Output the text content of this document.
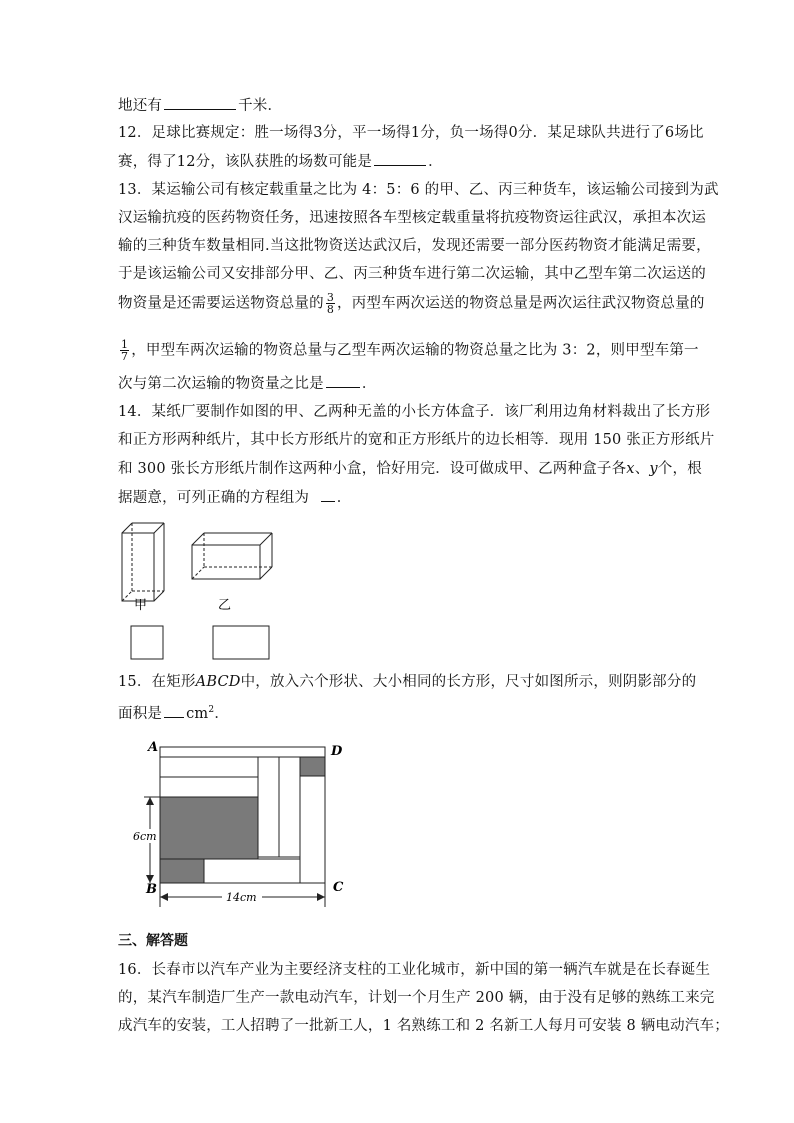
地还有	千米．
12．足球比赛规定：胜一场得3分，平一场得1分，负一场得0分．某足球队共进行了6场比
赛，得了12分，该队获胜的场数可能是	．
13．某运输公司有核定载重量之比为 4：5：6 的甲、乙、丙三种货车，该运输公司接到为武
汉运输抗疫的医药物资任务，迅速按照各车型核定载重量将抗疫物资运往武汉，承担本次运
输的三种货车数量相同.当这批物资送达武汉后，发现还需要一部分医药物资才能满足需要，
于是该运输公司又安排部分甲、乙、丙三种货车进行第二次运输，其中乙型车第二次运送的
物资量是还需要运送物资总量的 $\frac{3}{8}$ ，丙型车两次运送的物资总量是两次运往武汉物资总量的
$\frac{1}{7}$ ，甲型车两次运输的物资总量与乙型车两次运输的物资总量之比为 3：2，则甲型车第一
次与第二次运输的物资量之比是	．
14．某纸厂要制作如图的甲、乙两种无盖的小长方体盒子．该厂利用边角材料裁出了长方形
和正方形两种纸片，其中长方形纸片的宽和正方形纸片的边长相等．现用 150 张正方形纸片
和 300 张长方形纸片制作这两种小盒，恰好用完．设可做成甲、乙两种盒子各x、y个，根
据题意，可列正确的方程组为 ．
甲	乙
15．在矩形ABCD中，放入六个形状、大小相同的长方形，尺寸如图所示，则阴影部分的
面积是 $cm^2$．
A	D
B	C
6cm
14cm
三、解答题
16．长春市以汽车产业为主要经济支柱的工业化城市，新中国的第一辆汽车就是在长春诞生
的，某汽车制造厂生产一款电动汽车，计划一个月生产 200 辆，由于没有足够的熟练工来完
成汽车的安装，工人招聘了一批新工人，1 名熟练工和 2 名新工人每月可安装 8 辆电动汽车；
